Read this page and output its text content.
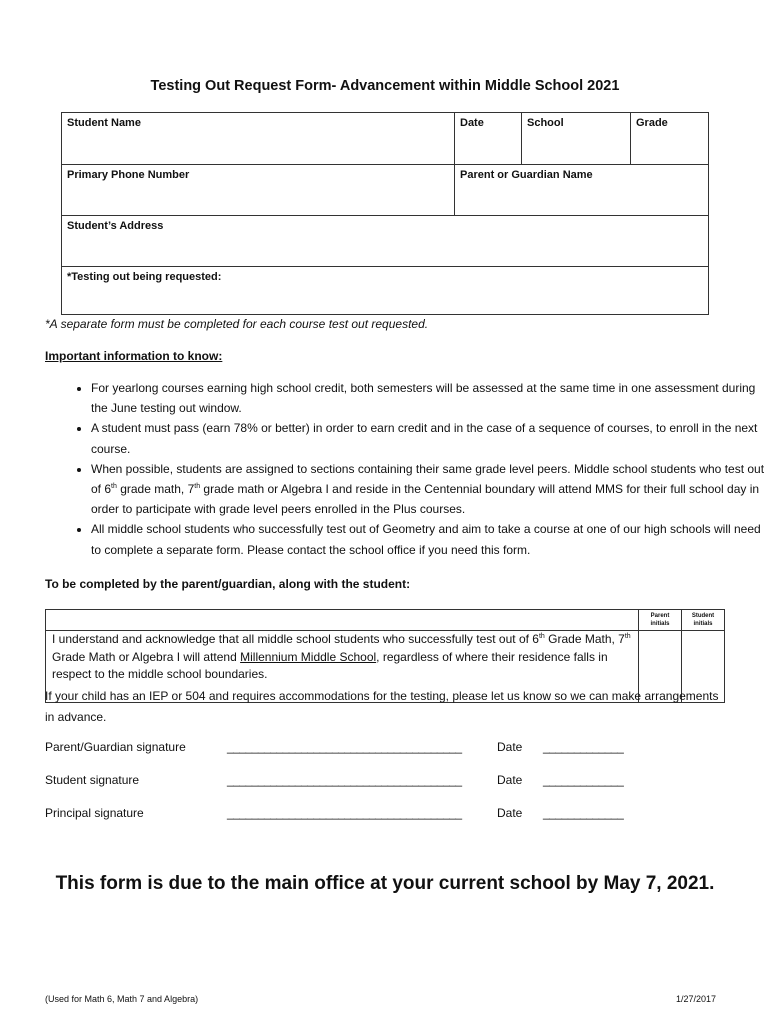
Testing Out Request Form- Advancement within Middle School 2021
Student Name	Date	School	Grade
Primary Phone Number	Parent or Guardian Name		
Student’s Address			
*Testing out being requested:			
*A separate form must be completed for each course test out requested.
Important information to know:
• For yearlong courses earning high school credit, both semesters will be assessed at the same time in one assessment during the June testing out window.
• A student must pass (earn 78% or better) in order to earn credit and in the case of a sequence of courses, to enroll in the next course.
• When possible, students are assigned to sections containing their same grade level peers. Middle school students who test out of 6th grade math, 7th grade math or Algebra I and reside in the Centennial boundary will attend MMS for their full school day in order to participate with grade level peers enrolled in the Plus courses.
• All middle school students who successfully test out of Geometry and aim to take a course at one of our high schools will need to complete a separate form. Please contact the school office if you need this form.
To be completed by the parent/guardian, along with the student:
	Parent initials	Student initials
I understand and acknowledge that all middle school students who successfully test out of 6th Grade Math, 7th Grade Math or Algebra I will attend Millennium Middle School, regardless of where their residence falls in respect to the middle school boundaries.		
If your child has an IEP or 504 and requires accommodations for the testing, please let us know so we can make arrangements in advance.
Parent/Guardian signature	______________________________________	Date _____________
Student signature	______________________________________	Date _____________
Principal signature	______________________________________	Date _____________
This form is due to the main office at your current school by May 7, 2021.
(Used for Math 6, Math 7 and Algebra)	1/27/2017
